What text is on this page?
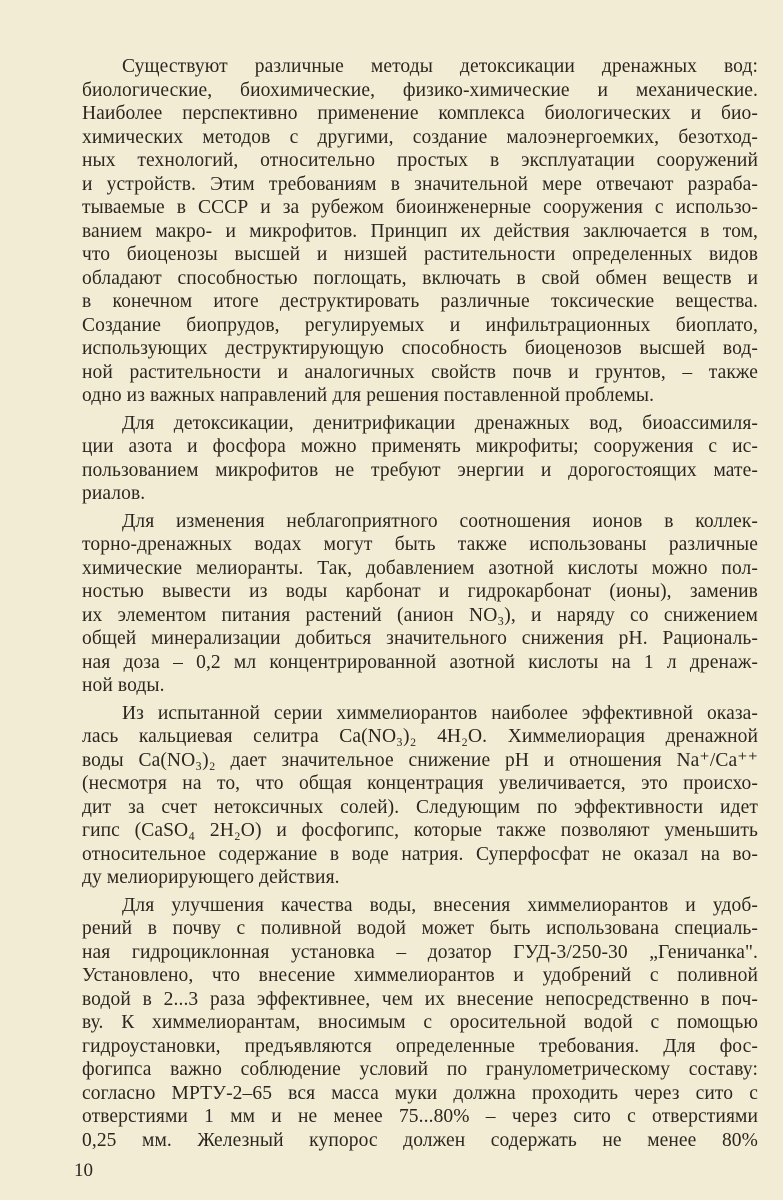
Существуют различные методы детоксикации дренажных вод:
биологические, биохимические, физико-химические и механические.
Наиболее перспективно применение комплекса биологических и био-
химических методов с другими, создание малоэнергоемких, безотход-
ных технологий, относительно простых в эксплуатации сооружений
и устройств. Этим требованиям в значительной мере отвечают разраба-
тываемые в СССР и за рубежом биоинженерные сооружения с использо-
ванием макро- и микрофитов. Принцип их действия заключается в том,
что биоценозы высшей и низшей растительности определенных видов
обладают способностью поглощать, включать в свой обмен веществ и
в конечном итоге деструктировать различные токсические вещества.
Создание биопрудов, регулируемых и инфильтрационных биоплато,
использующих деструктирующую способность биоценозов высшей вод-
ной растительности и аналогичных свойств почв и грунтов, – также
одно из важных направлений для решения поставленной проблемы.
Для детоксикации, денитрификации дренажных вод, биоассимиля-
ции азота и фосфора можно применять микрофиты; сооружения с ис-
пользованием микрофитов не требуют энергии и дорогостоящих мате-
риалов.
Для изменения неблагоприятного соотношения ионов в коллек-
торно-дренажных водах могут быть также использованы различные
химические мелиоранты. Так, добавлением азотной кислоты можно пол-
ностью вывести из воды карбонат и гидрокарбонат (ионы), заменив
их элементом питания растений (анион NO₃), и наряду со снижением
общей минерализации добиться значительного снижения pH. Рациональ-
ная доза – 0,2 мл концентрированной азотной кислоты на 1 л дренаж-
ной воды.
Из испытанной серии химмелиорантов наиболее эффективной оказа-
лась кальциевая селитра Ca(NO₃)₂ 4H₂O. Химмелиорация дренажной
воды Ca(NO₃)₂ дает значительное снижение pH и отношения Na⁺/Ca⁺⁺
(несмотря на то, что общая концентрация увеличивается, это происхо-
дит за счет нетоксичных солей). Следующим по эффективности идет
гипс (CaSO₄ 2H₂O) и фосфогипс, которые также позволяют уменьшить
относительное содержание в воде натрия. Суперфосфат не оказал на во-
ду мелиорирующего действия.
Для улучшения качества воды, внесения химмелиорантов и удоб-
рений в почву с поливной водой может быть использована специаль-
ная гидроциклонная установка – дозатор ГУД-3/250-30 „Геничанка".
Установлено, что внесение химмелиорантов и удобрений с поливной
водой в 2...3 раза эффективнее, чем их внесение непосредственно в поч-
ву. К химмелиорантам, вносимым с оросительной водой с помощью
гидроустановки, предъявляются определенные требования. Для фос-
фогипса важно соблюдение условий по гранулометрическому составу:
согласно МРТУ-2–65 вся масса муки должна проходить через сито с
отверстиями 1 мм и не менее 75...80% – через сито с отверстиями
0,25 мм. Железный купорос должен содержать не менее 80%
10
